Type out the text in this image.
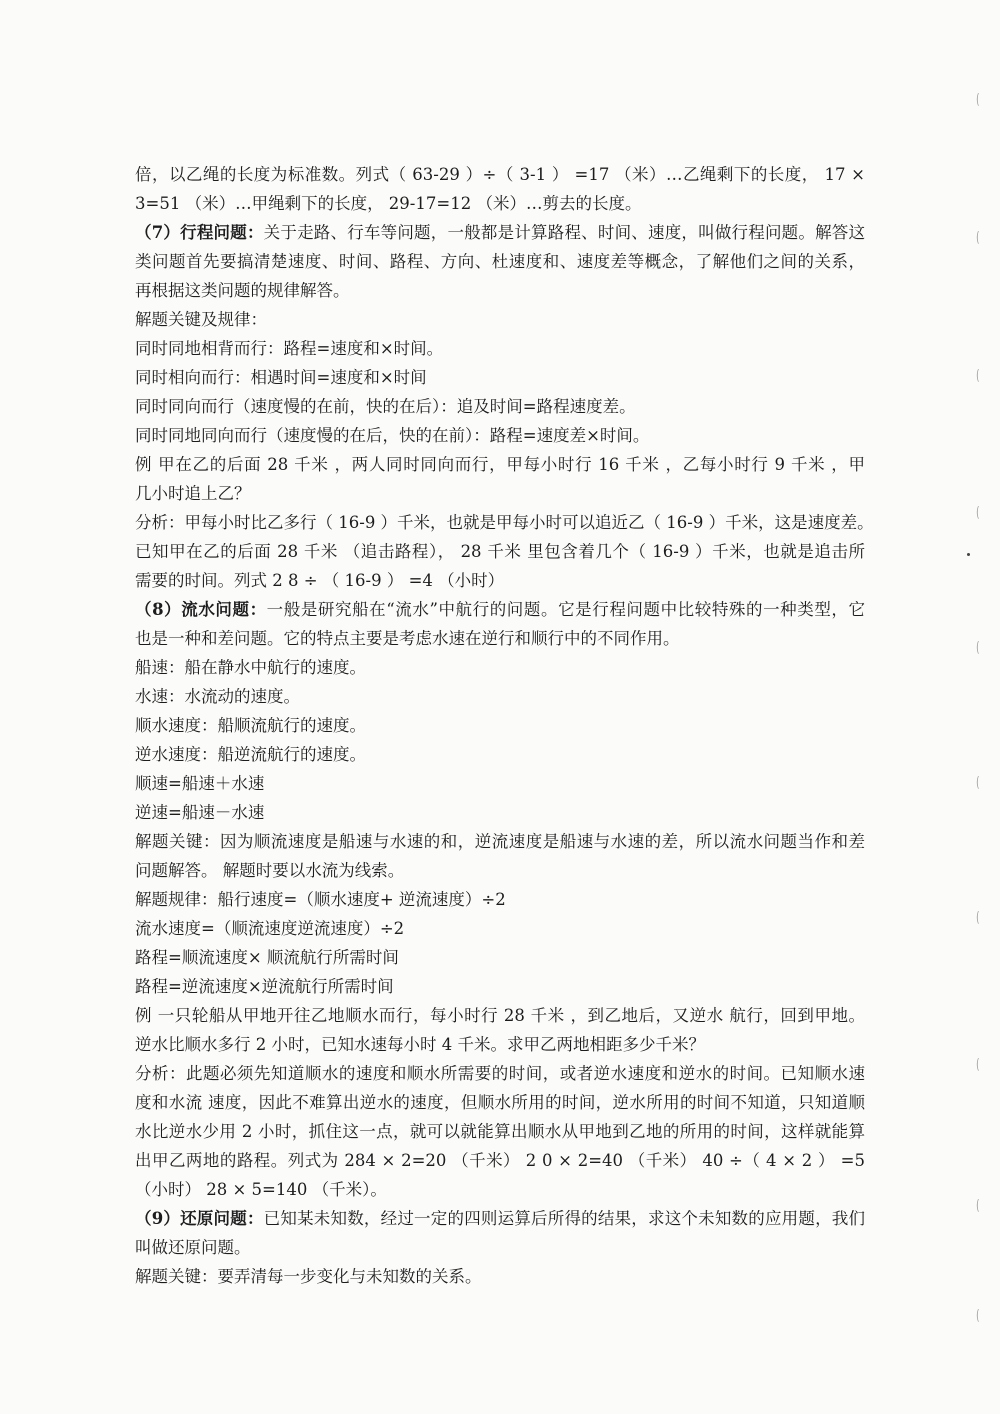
倍，以乙绳的长度为标准数。列式（ 63-29 ）÷（ 3-1 ） =17 （米）…乙绳剩下的长度， 17 ×
3=51 （米）…甲绳剩下的长度， 29-17=12 （米）…剪去的长度。
（7）行程问题：关于走路、行车等问题，一般都是计算路程、时间、速度，叫做行程问题。解答这
类问题首先要搞清楚速度、时间、路程、方向、杜速度和、速度差等概念，了解他们之间的关系，
再根据这类问题的规律解答。
解题关键及规律：
同时同地相背而行：路程=速度和×时间。
同时相向而行：相遇时间=速度和×时间
同时同向而行（速度慢的在前，快的在后）：追及时间=路程速度差。
同时同地同向而行（速度慢的在后，快的在前）：路程=速度差×时间。
例 甲在乙的后面 28 千米 ，两人同时同向而行，甲每小时行 16 千米 ，乙每小时行 9 千米 ，甲
几小时追上乙？
分析：甲每小时比乙多行（ 16-9 ）千米，也就是甲每小时可以追近乙（ 16-9 ）千米，这是速度差。
已知甲在乙的后面 28 千米 （追击路程）， 28 千米 里包含着几个（ 16-9 ）千米，也就是追击所
需要的时间。列式 2 8 ÷ （ 16-9 ） =4 （小时）
（8）流水问题：一般是研究船在“流水”中航行的问题。它是行程问题中比较特殊的一种类型，它
也是一种和差问题。它的特点主要是考虑水速在逆行和顺行中的不同作用。
船速：船在静水中航行的速度。
水速：水流动的速度。
顺水速度：船顺流航行的速度。
逆水速度：船逆流航行的速度。
顺速=船速＋水速
逆速=船速－水速
解题关键：因为顺流速度是船速与水速的和，逆流速度是船速与水速的差，所以流水问题当作和差
问题解答。 解题时要以水流为线索。
解题规律：船行速度=（顺水速度+ 逆流速度）÷2
流水速度=（顺流速度逆流速度）÷2
路程=顺流速度× 顺流航行所需时间
路程=逆流速度×逆流航行所需时间
例 一只轮船从甲地开往乙地顺水而行，每小时行 28 千米 ，到乙地后，又逆水 航行，回到甲地。
逆水比顺水多行 2 小时，已知水速每小时 4 千米。求甲乙两地相距多少千米？
分析：此题必须先知道顺水的速度和顺水所需要的时间，或者逆水速度和逆水的时间。已知顺水速
度和水流 速度，因此不难算出逆水的速度，但顺水所用的时间，逆水所用的时间不知道，只知道顺
水比逆水少用 2 小时，抓住这一点，就可以就能算出顺水从甲地到乙地的所用的时间，这样就能算
出甲乙两地的路程。列式为 284 × 2=20 （千米） 2 0 × 2=40 （千米） 40 ÷（ 4 × 2 ） =5
（小时） 28 × 5=140 （千米）。
（9）还原问题：已知某未知数，经过一定的四则运算后所得的结果，求这个未知数的应用题，我们
叫做还原问题。
解题关键：要弄清每一步变化与未知数的关系。
(
(
(
(
(
(
(
(
(
(
